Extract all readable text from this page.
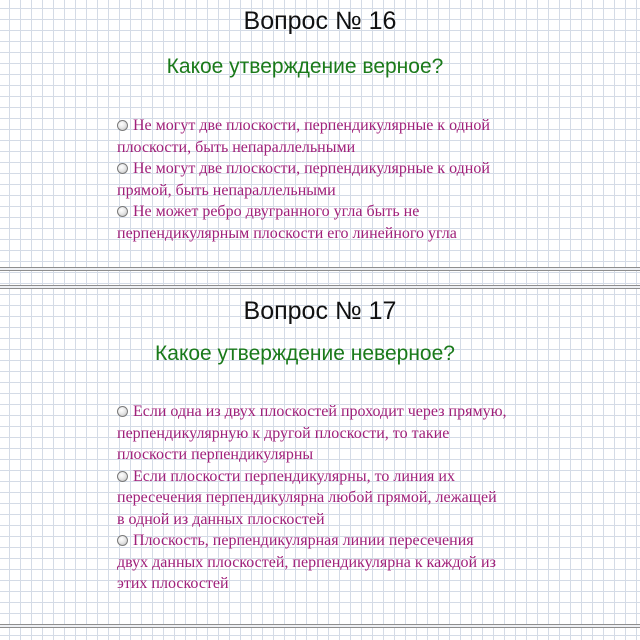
Вопрос № 16
Какое утверждение верное?
Не могут две плоскости, перпендикулярные к одной плоскости, быть непараллельными
Не могут две плоскости, перпендикулярные к одной прямой, быть непараллельными
Не может ребро двугранного угла быть не перпендикулярным плоскости его линейного угла
Вопрос № 17
Какое утверждение неверное?
Если одна из двух плоскостей проходит через прямую, перпендикулярную к другой плоскости, то такие плоскости перпендикулярны
Если плоскости перпендикулярны, то линия их пересечения перпендикулярна любой прямой, лежащей в одной из данных плоскостей
Плоскость, перпендикулярная линии пересечения двух данных плоскостей, перпендикулярна к каждой из этих плоскостей
